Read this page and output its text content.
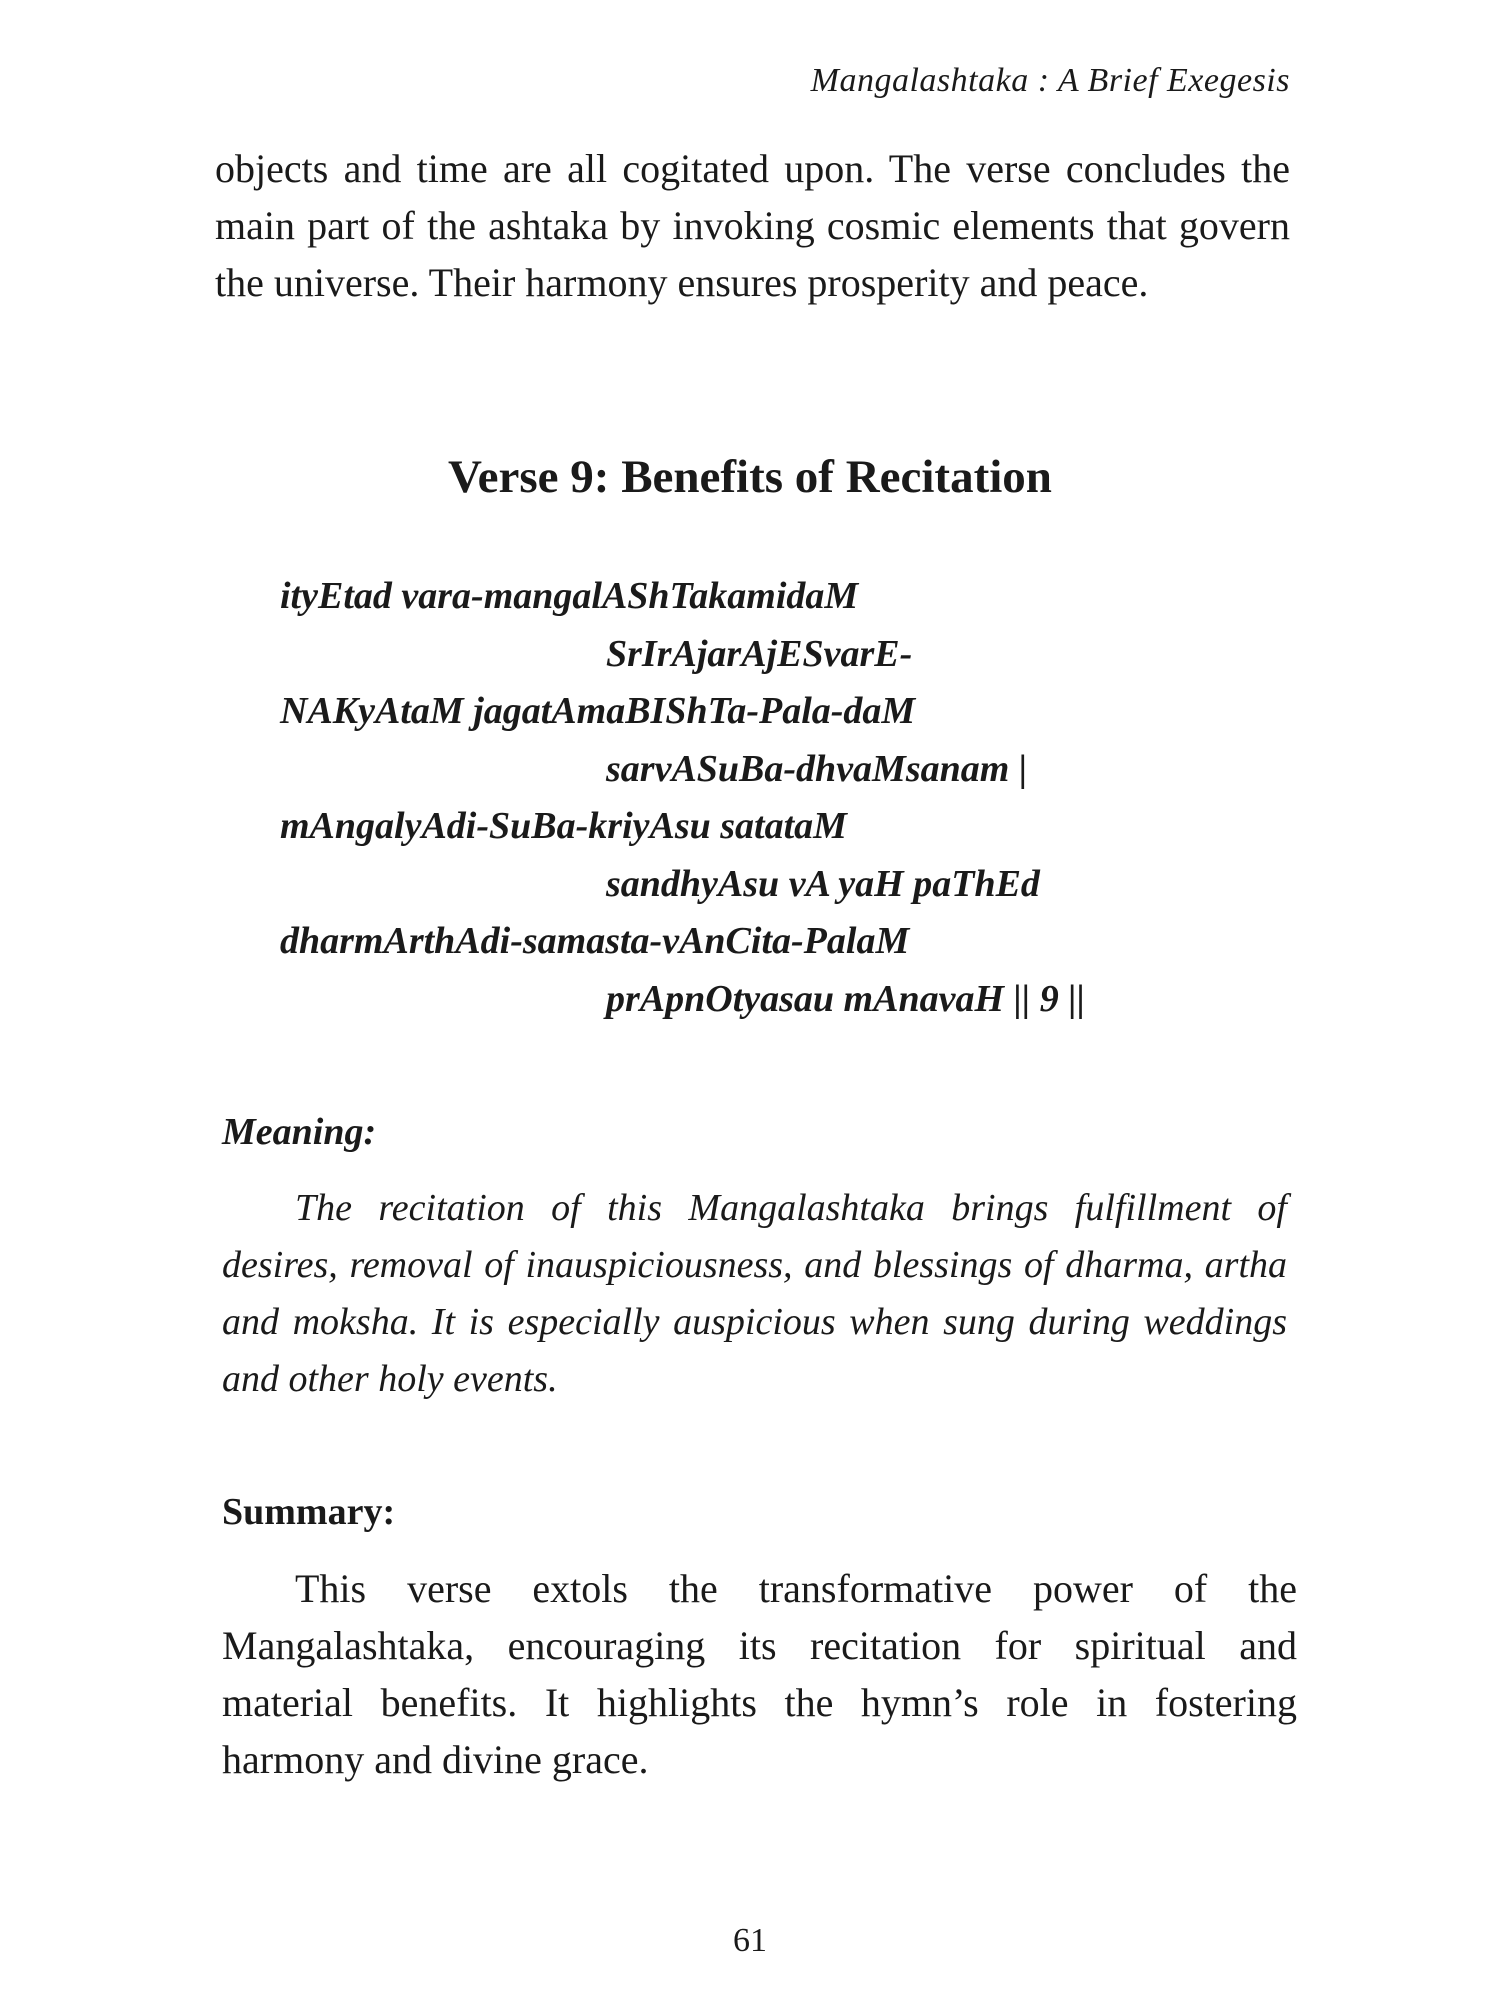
Mangalashtaka : A Brief Exegesis

objects and time are all cogitated upon. The verse concludes the main part of the ashtaka by invoking cosmic elements that govern the universe. Their harmony ensures prosperity and peace.

Verse 9: Benefits of Recitation
ityEtad vara-mangalAShTakamidaM
SrIrAjarAjESvarE-
NAKyAtaM jagatAmaBIShTa-Pala-daM
sarvASuBa-dhvaMsanam |
mAngalyAdi-SuBa-kriyAsu satataM
sandhyAsu vA yaH paThEd
dharmArthAdi-samasta-vAnCita-PalaM
prApnOtyasau mAnavaH || 9 ||
Meaning:

The recitation of this Mangalashtaka brings fulfillment of desires, removal of inauspiciousness, and blessings of dharma, artha and moksha. It is especially auspicious when sung during weddings and other holy events.

Summary:

This verse extols the transformative power of the Mangalashtaka, encouraging its recitation for spiritual and material benefits. It highlights the hymn’s role in fostering harmony and divine grace.

61
